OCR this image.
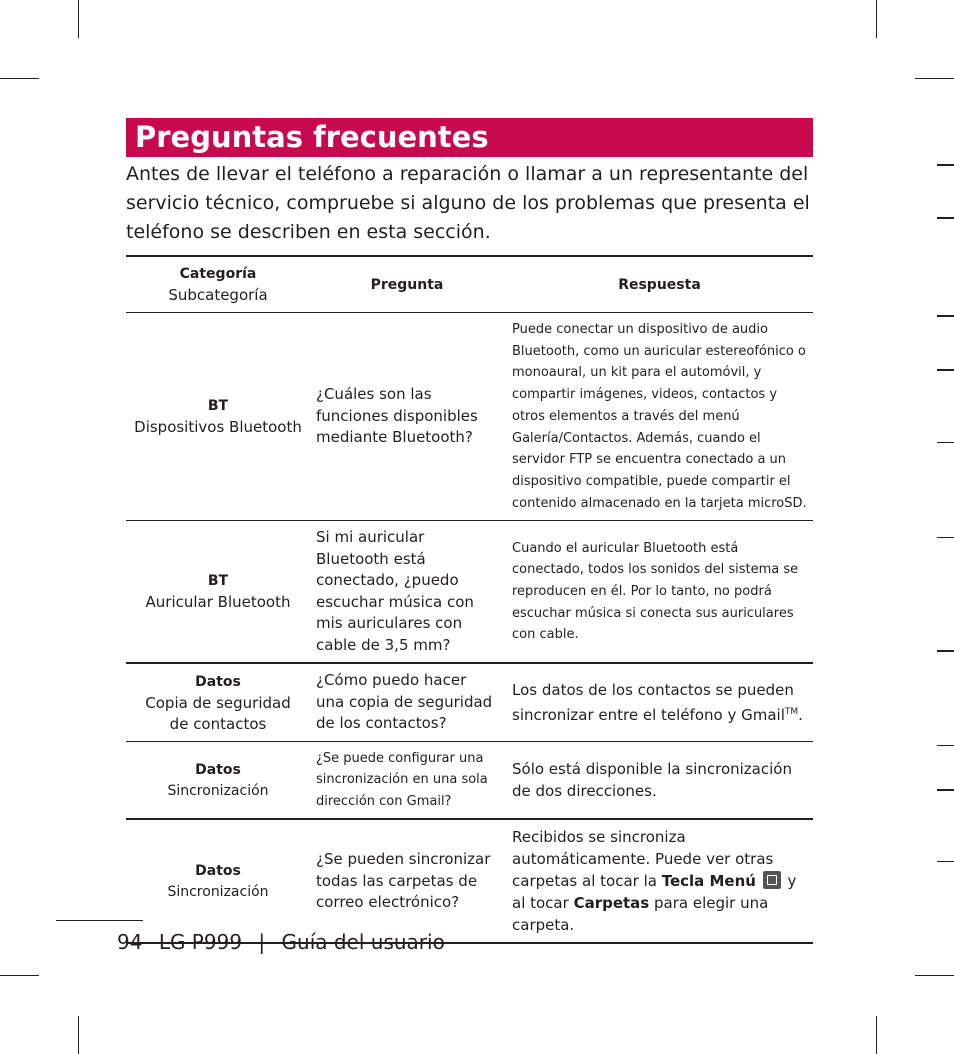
Preguntas frecuentes

Antes de llevar el teléfono a reparación o llamar a un representante del servicio técnico, compruebe si alguno de los problemas que presenta el teléfono se describen en esta sección.

Categoría
Subcategoría	Pregunta	Respuesta

BT
Dispositivos Bluetooth	¿Cuáles son las funciones disponibles mediante Bluetooth?	Puede conectar un dispositivo de audio Bluetooth, como un auricular estereofónico o monoaural, un kit para el automóvil, y compartir imágenes, videos, contactos y otros elementos a través del menú Galería/Contactos. Además, cuando el servidor FTP se encuentra conectado a un dispositivo compatible, puede compartir el contenido almacenado en la tarjeta microSD.

BT
Auricular Bluetooth	Si mi auricular Bluetooth está conectado, ¿puedo escuchar música con mis auriculares con cable de 3,5 mm?	Cuando el auricular Bluetooth está conectado, todos los sonidos del sistema se reproducen en él. Por lo tanto, no podrá escuchar música si conecta sus auriculares con cable.

Datos
Copia de seguridad de contactos	¿Cómo puedo hacer una copia de seguridad de los contactos?	Los datos de los contactos se pueden sincronizar entre el teléfono y Gmail™.

Datos
Sincronización	¿Se puede configurar una sincronización en una sola dirección con Gmail?	Sólo está disponible la sincronización de dos direcciones.

Datos
Sincronización	¿Se pueden sincronizar todas las carpetas de correo electrónico?	Recibidos se sincroniza automáticamente. Puede ver otras carpetas al tocar la Tecla Menú  y al tocar Carpetas para elegir una carpeta.
94 LG P999 | Guía del usuario
